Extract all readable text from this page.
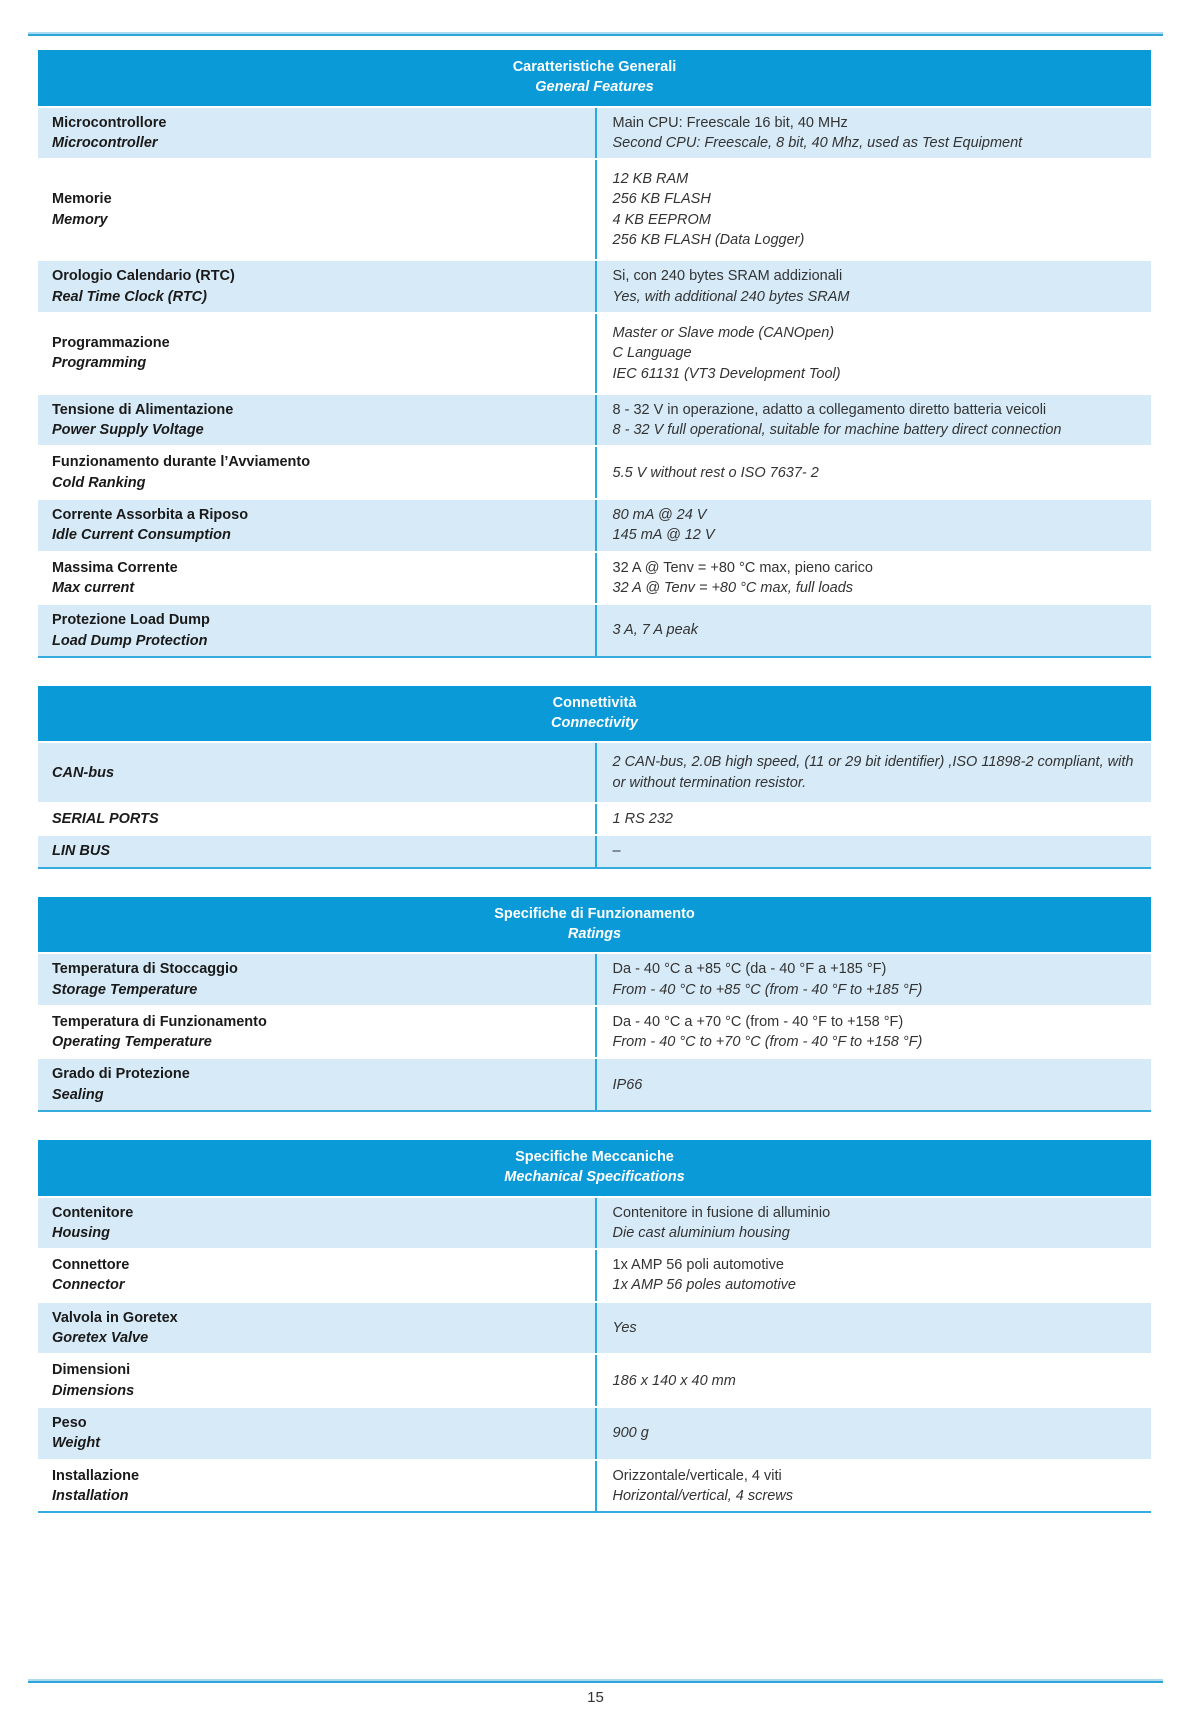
Caratteristiche Generali
General Features
Microcontrollore
Microcontroller
Main CPU: Freescale 16 bit, 40 MHz
Second CPU: Freescale, 8 bit, 40 Mhz, used as Test Equipment
Memorie
Memory
12 KB RAM
256 KB FLASH
4 KB EEPROM
256 KB FLASH (Data Logger)
Orologio Calendario (RTC)
Real Time Clock (RTC)
Si, con 240 bytes SRAM addizionali
Yes, with additional 240 bytes SRAM
Programmazione
Programming
Master or Slave mode (CANOpen)
C Language
IEC 61131 (VT3 Development Tool)
Tensione di Alimentazione
Power Supply Voltage
8 - 32 V in operazione, adatto a collegamento diretto batteria veicoli
8 - 32 V full operational, suitable for machine battery direct connection
Funzionamento durante l’Avviamento
Cold Ranking
5.5 V without rest o ISO 7637- 2
Corrente Assorbita a Riposo
Idle Current Consumption
80 mA @ 24 V
145 mA @ 12 V
Massima Corrente
Max current
32 A @ Tenv = +80 °C max, pieno carico
32 A @ Tenv = +80 °C max, full loads
Protezione Load Dump
Load Dump Protection
3 A, 7 A peak
Connettività
Connectivity
CAN-bus
2 CAN-bus, 2.0B high speed, (11 or 29 bit identifier) ,ISO 11898-2 compliant, with or without termination resistor.
SERIAL PORTS	1 RS 232
LIN BUS	–
Specifiche di Funzionamento
Ratings
Temperatura di Stoccaggio
Storage Temperature
Da - 40 °C a +85 °C (da - 40 °F a +185 °F)
From - 40 °C to +85 °C (from - 40 °F to +185 °F)
Temperatura di Funzionamento
Operating Temperature
Da - 40 °C a +70 °C (from - 40 °F to +158 °F)
From - 40 °C to +70 °C (from - 40 °F to +158 °F)
Grado di Protezione
Sealing
IP66
Specifiche Meccaniche
Mechanical Specifications
Contenitore
Housing
Contenitore in fusione di alluminio
Die cast aluminium housing
Connettore
Connector
1x AMP 56 poli automotive
1x AMP 56 poles automotive
Valvola in Goretex
Goretex Valve
Yes
Dimensioni
Dimensions
186 x 140 x 40 mm
Peso
Weight
900 g
Installazione
Installation
Orizzontale/verticale, 4 viti
Horizontal/vertical, 4 screws
15
